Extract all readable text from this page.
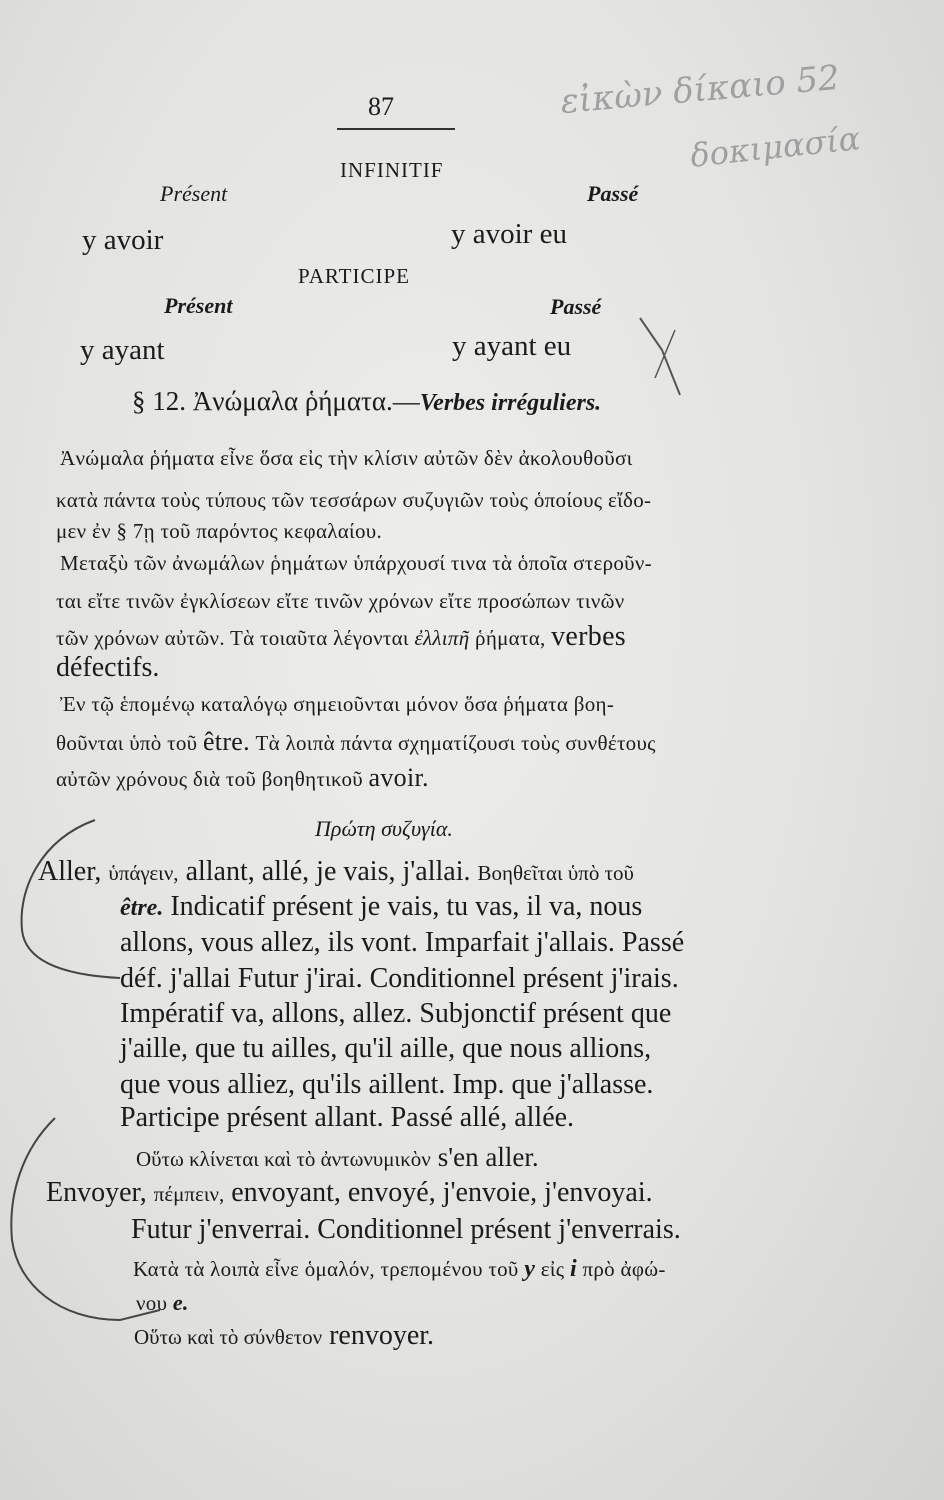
87	εἰκὼν δίκαιο 52
δοκιμασία
INFINITIF
Présent	Passé
y avoir	y avoir eu
PARTICIPE
Présent	Passé
y ayant	y ayant eu
§ 12. Ἀνώμαλα ῥήματα.—Verbes irréguliers.
Ἀνώμαλα ῥήματα εἶνε ὅσα εἰς τὴν κλίσιν αὐτῶν δὲν ἀκολουθοῦσι
κατὰ πάντα τοὺς τύπους τῶν τεσσάρων συζυγιῶν τοὺς ὁποίους εἴδο-
μεν ἐν § 7ῃ τοῦ παρόντος κεφαλαίου.
Μεταξὺ τῶν ἀνωμάλων ῥημάτων ὑπάρχουσί τινα τὰ ὁποῖα στεροῦν-
ται εἴτε τινῶν ἐγκλίσεων εἴτε τινῶν χρόνων εἴτε προσώπων τινῶν
τῶν χρόνων αὐτῶν. Τὰ τοιαῦτα λέγονται ἐλλιπῆ ῥήματα, verbes
défectifs.
Ἐν τῷ ἑπομένῳ καταλόγῳ σημειοῦνται μόνον ὅσα ῥήματα βοη-
θοῦνται ὑπὸ τοῦ être. Τὰ λοιπὰ πάντα σχηματίζουσι τοὺς συνθέτους
αὐτῶν χρόνους διὰ τοῦ βοηθητικοῦ avoir.
Πρώτη συζυγία.
Aller, ὑπάγειν, allant, allé, je vais, j'allai. Βοηθεῖται ὑπὸ τοῦ
être. Indicatif présent je vais, tu vas, il va, nous
allons, vous allez, ils vont. Imparfait j'allais. Passé
déf. j'allai Futur j'irai. Conditionnel présent j'irais.
Impératif va, allons, allez. Subjonctif présent que
j'aille, que tu ailles, qu'il aille, que nous allions,
que vous alliez, qu'ils aillent. Imp. que j'allasse.
Participe présent allant. Passé allé, allée.
Οὕτω κλίνεται καὶ τὸ ἀντωνυμικὸν s'en aller.
Envoyer, πέμπειν, envoyant, envoyé, j'envoie, j'envoyai.
Futur j'enverrai. Conditionnel présent j'enverrais.
Κατὰ τὰ λοιπὰ εἶνε ὁμαλόν, τρεπομένου τοῦ y εἰς i πρὸ ἀφώ-
νου e.
Οὕτω καὶ τὸ σύνθετον renvoyer.
